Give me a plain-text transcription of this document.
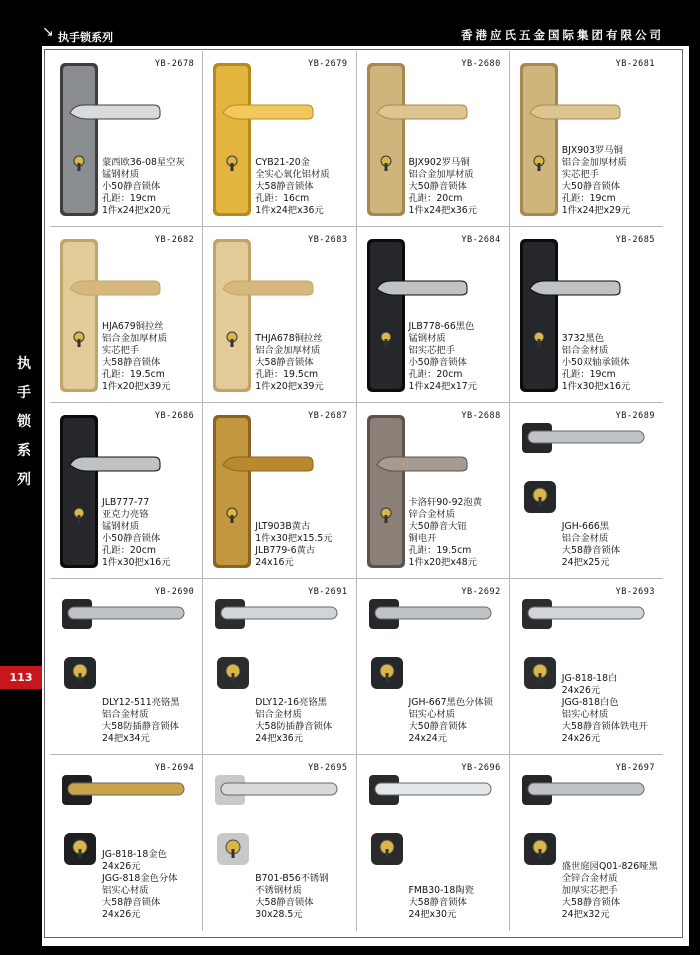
↘ 执手锁系列	香港应氏五金国际集团有限公司
执
手
锁
系
列
113
YB-2678
蒙西欧36-08星空灰
锰钢材质
小50静音锁体
孔距：19cm
1件x24把x20元
YB-2679
CYB21-20金
全实心氧化铝材质
大58静音锁体
孔距：16cm
1件x24把x36元
YB-2680
BJX902罗马铜
铝合金加厚材质
大50静音锁体
孔距：20cm
1件x24把x36元
YB-2681
BJX903罗马铜
铝合金加厚材质
实芯把手
大50静音锁体
孔距：19cm
1件x24把x29元
YB-2682
HJA679铜拉丝
铝合金加厚材质
实芯把手
大58静音锁体
孔距：19.5cm
1件x20把x39元
YB-2683
THJA678铜拉丝
铝合金加厚材质
大58静音锁体
孔距：19.5cm
1件x20把x39元
YB-2684
JLB778-66黑色
锰钢材质
铝实芯把手
小50静音锁体
孔距：20cm
1件x24把x17元
YB-2685
3732黑色
铝合金材质
小50双轴承锁体
孔距：19cm
1件x30把x16元
YB-2686
JLB777-77
亚克力亮铬
锰钢材质
小50静音锁体
孔距：20cm
1件x30把x16元
YB-2687
JLT903B黄古
1件x30把x15.5元
JLB779-6黄古
24x16元
YB-2688
卡洛轩90-92泡黄
锌合金材质
大50静音大钮
铜电开
孔距：19.5cm
1件x20把x48元
YB-2689
JGH-666黑
铝合金材质
大58静音锁体
24把x25元
YB-2690
DLY12-511亮铬黑
铝合金材质
大58防插静音锁体
24把x34元
YB-2691
DLY12-16亮铬黑
铝合金材质
大58防插静音锁体
24把x36元
YB-2692
JGH-667黑色分体锁
铝实心材质
大50静音锁体
24x24元
YB-2693
JG-818-18白
24x26元
JGG-818白色
铝实心材质
大58静音锁体铁电开
24x26元
YB-2694
JG-818-18金色
24x26元
JGG-818金色分体
铝实心材质
大58静音锁体
24x26元
YB-2695
B701-B56不锈钢
不锈钢材质
大58静音锁体
30x28.5元
YB-2696
FMB30-18陶瓷
大58静音锁体
24把x30元
YB-2697
盛世庭园Q01-826哑黑
全锌合金材质
加厚实芯把手
大58静音锁体
24把x32元
